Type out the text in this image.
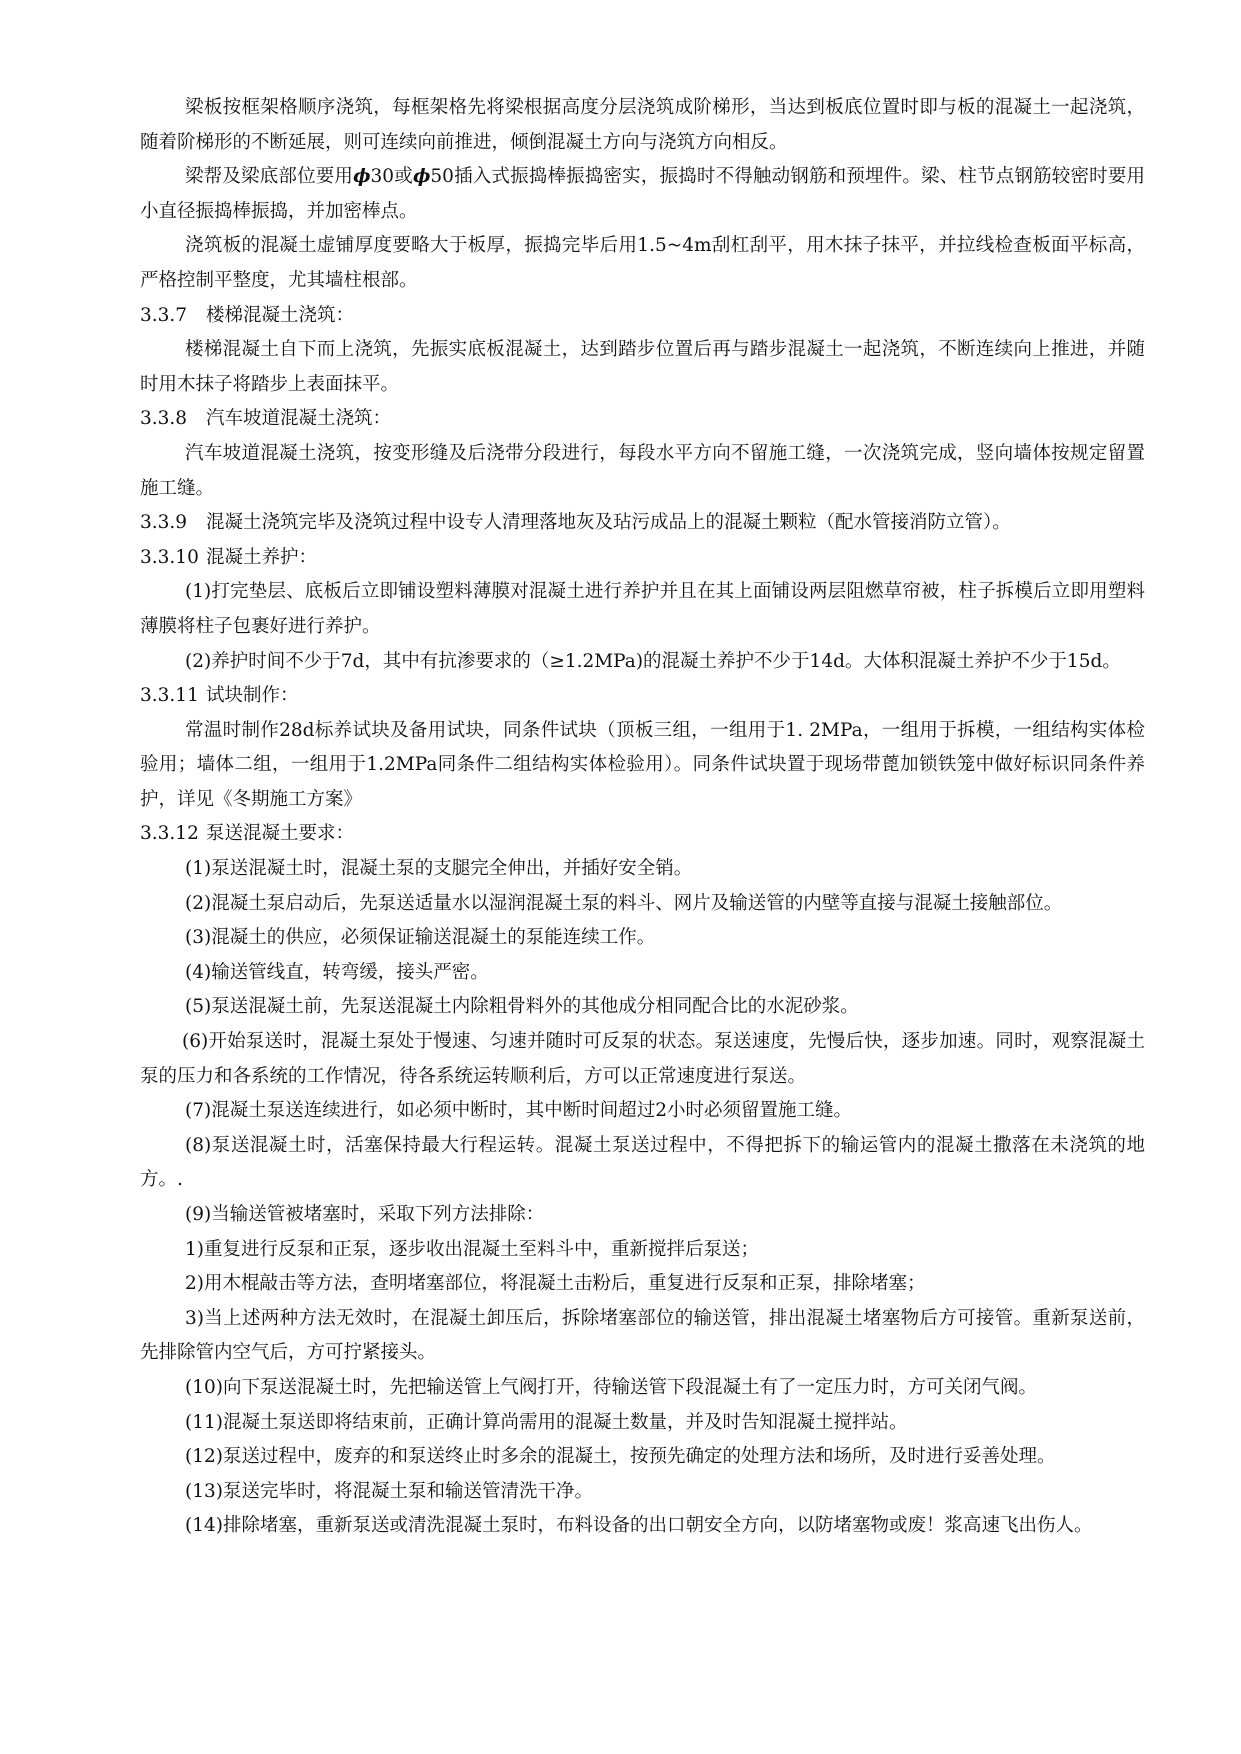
梁板按框架格顺序浇筑，每框架格先将梁根据高度分层浇筑成阶梯形，当达到板底位置时即与板的混凝土一起浇筑，随着阶梯形的不断延展，则可连续向前推进，倾倒混凝土方向与浇筑方向相反。

梁帮及梁底部位要用ϕ30或ϕ50插入式振捣棒振捣密实，振捣时不得触动钢筋和预埋件。梁、柱节点钢筋较密时要用小直径振捣棒振捣，并加密棒点。

浇筑板的混凝土虚铺厚度要略大于板厚，振捣完毕后用1.5~4m刮杠刮平，用木抹子抹平，并拉线检查板面平标高，严格控制平整度，尤其墙柱根部。

3.3.7	楼梯混凝土浇筑：

楼梯混凝土自下而上浇筑，先振实底板混凝土，达到踏步位置后再与踏步混凝土一起浇筑，不断连续向上推进，并随时用木抹子将踏步上表面抹平。

3.3.8	汽车坡道混凝土浇筑：

汽车坡道混凝土浇筑，按变形缝及后浇带分段进行，每段水平方向不留施工缝，一次浇筑完成，竖向墙体按规定留置施工缝。

3.3.9	混凝土浇筑完毕及浇筑过程中设专人清理落地灰及玷污成品上的混凝土颗粒（配水管接消防立管）。

3.3.10 混凝土养护：

(1)打完垫层、底板后立即铺设塑料薄膜对混凝土进行养护并且在其上面铺设两层阻燃草帘被，柱子拆模后立即用塑料薄膜将柱子包裹好进行养护。

(2)养护时间不少于7d，其中有抗渗要求的（≥1.2MPa)的混凝土养护不少于14d。大体积混凝土养护不少于15d。

3.3.11 试块制作：

常温时制作28d标养试块及备用试块，同条件试块（顶板三组，一组用于1. 2MPa，一组用于拆模，一组结构实体检验用；墙体二组，一组用于1.2MPa同条件二组结构实体检验用）。同条件试块置于现场带蓖加锁铁笼中做好标识同条件养护，详见《冬期施工方案》

3.3.12 泵送混凝土要求：

(1)泵送混凝土时，混凝土泵的支腿完全伸出，并插好安全销。

(2)混凝土泵启动后，先泵送适量水以湿润混凝土泵的料斗、网片及输送管的内壁等直接与混凝土接触部位。

(3)混凝土的供应，必须保证输送混凝土的泵能连续工作。

(4)输送管线直，转弯缓，接头严密。

(5)泵送混凝土前，先泵送混凝土内除粗骨料外的其他成分相同配合比的水泥砂浆。

(6)开始泵送时，混凝土泵处于慢速、匀速并随时可反泵的状态。泵送速度，先慢后快，逐步加速。同时，观察混凝土泵的压力和各系统的工作情况，待各系统运转顺利后，方可以正常速度进行泵送。

(7)混凝土泵送连续进行，如必须中断时，其中断时间超过2小时必须留置施工缝。

(8)泵送混凝土时，活塞保持最大行程运转。混凝土泵送过程中，不得把拆下的输运管内的混凝土撒落在未浇筑的地方。.

(9)当输送管被堵塞时，采取下列方法排除：

1)重复进行反泵和正泵，逐步收出混凝土至料斗中，重新搅拌后泵送；

2)用木棍敲击等方法，查明堵塞部位，将混凝土击粉后，重复进行反泵和正泵，排除堵塞；

3)当上述两种方法无效时，在混凝土卸压后，拆除堵塞部位的输送管，排出混凝土堵塞物后方可接管。重新泵送前，先排除管内空气后，方可拧紧接头。

(10)向下泵送混凝土时，先把输送管上气阀打开，待输送管下段混凝土有了一定压力时，方可关闭气阀。

(11)混凝土泵送即将结束前，正确计算尚需用的混凝土数量，并及时告知混凝土搅拌站。

(12)泵送过程中，废弃的和泵送终止时多余的混凝土，按预先确定的处理方法和场所，及时进行妥善处理。

(13)泵送完毕时，将混凝土泵和输送管清洗干净。

(14)排除堵塞，重新泵送或清洗混凝土泵时，布料设备的出口朝安全方向，以防堵塞物或废！浆高速飞出伤人。
